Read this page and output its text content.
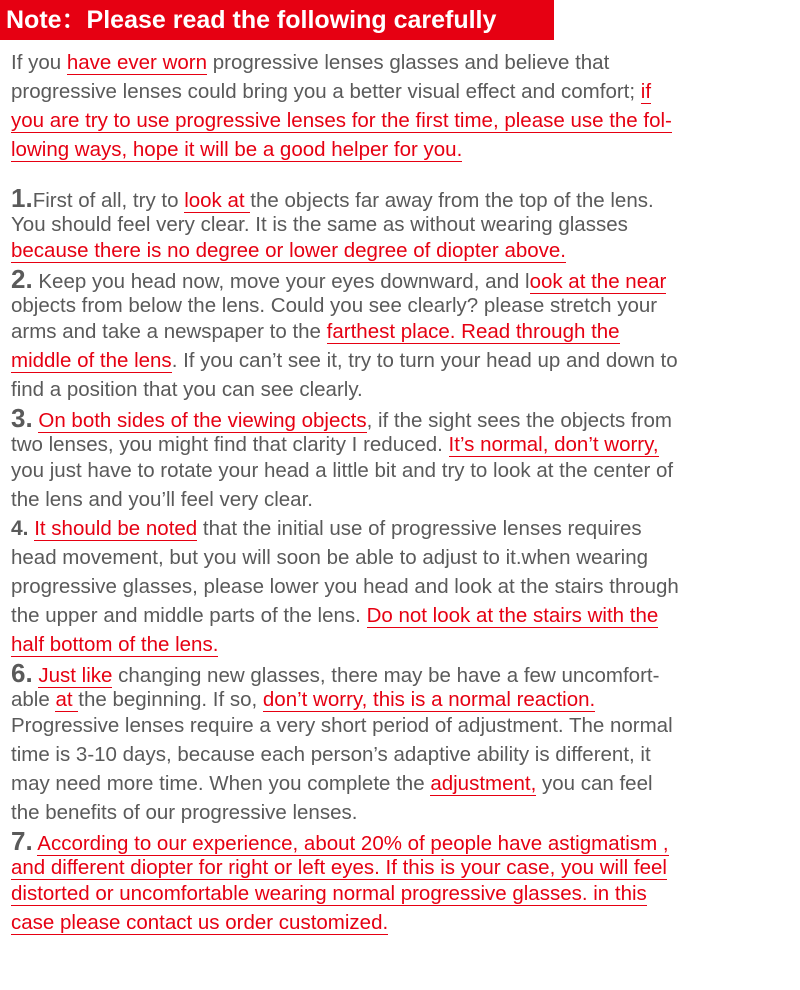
Note：Please read the following carefully
If you have ever worn progressive lenses glasses and believe that
progressive lenses could bring you a better visual effect and comfort; if
you are try to use progressive lenses for the first time, please use the fol-
lowing ways, hope it will be a good helper for you.
1.First of all, try to look at the objects far away from the top of the lens.
You should feel very clear. It is the same as without wearing glasses
because there is no degree or lower degree of diopter above.
2. Keep you head now, move your eyes downward, and look at the near
objects from below the lens. Could you see clearly? please stretch your
arms and take a newspaper to the farthest place. Read through the
middle of the lens. If you can’t see it, try to turn your head up and down to
find a position that you can see clearly.
3. On both sides of the viewing objects, if the sight sees the objects from
two lenses, you might find that clarity I reduced. It’s normal, don’t worry,
you just have to rotate your head a little bit and try to look at the center of
the lens and you’ll feel very clear.
4. It should be noted that the initial use of progressive lenses requires
head movement, but you will soon be able to adjust to it.when wearing
progressive glasses, please lower you head and look at the stairs through
the upper and middle parts of the lens. Do not look at the stairs with the
half bottom of the lens.
6. Just like changing new glasses, there may be have a few uncomfort-
able at the beginning. If so, don’t worry, this is a normal reaction.
Progressive lenses require a very short period of adjustment. The normal
time is 3-10 days, because each person’s adaptive ability is different, it
may need more time. When you complete the adjustment, you can feel
the benefits of our progressive lenses.
7. According to our experience, about 20% of people have astigmatism ,
and different diopter for right or left eyes. If this is your case, you will feel
distorted or uncomfortable wearing normal progressive glasses. in this
case please contact us order customized.
